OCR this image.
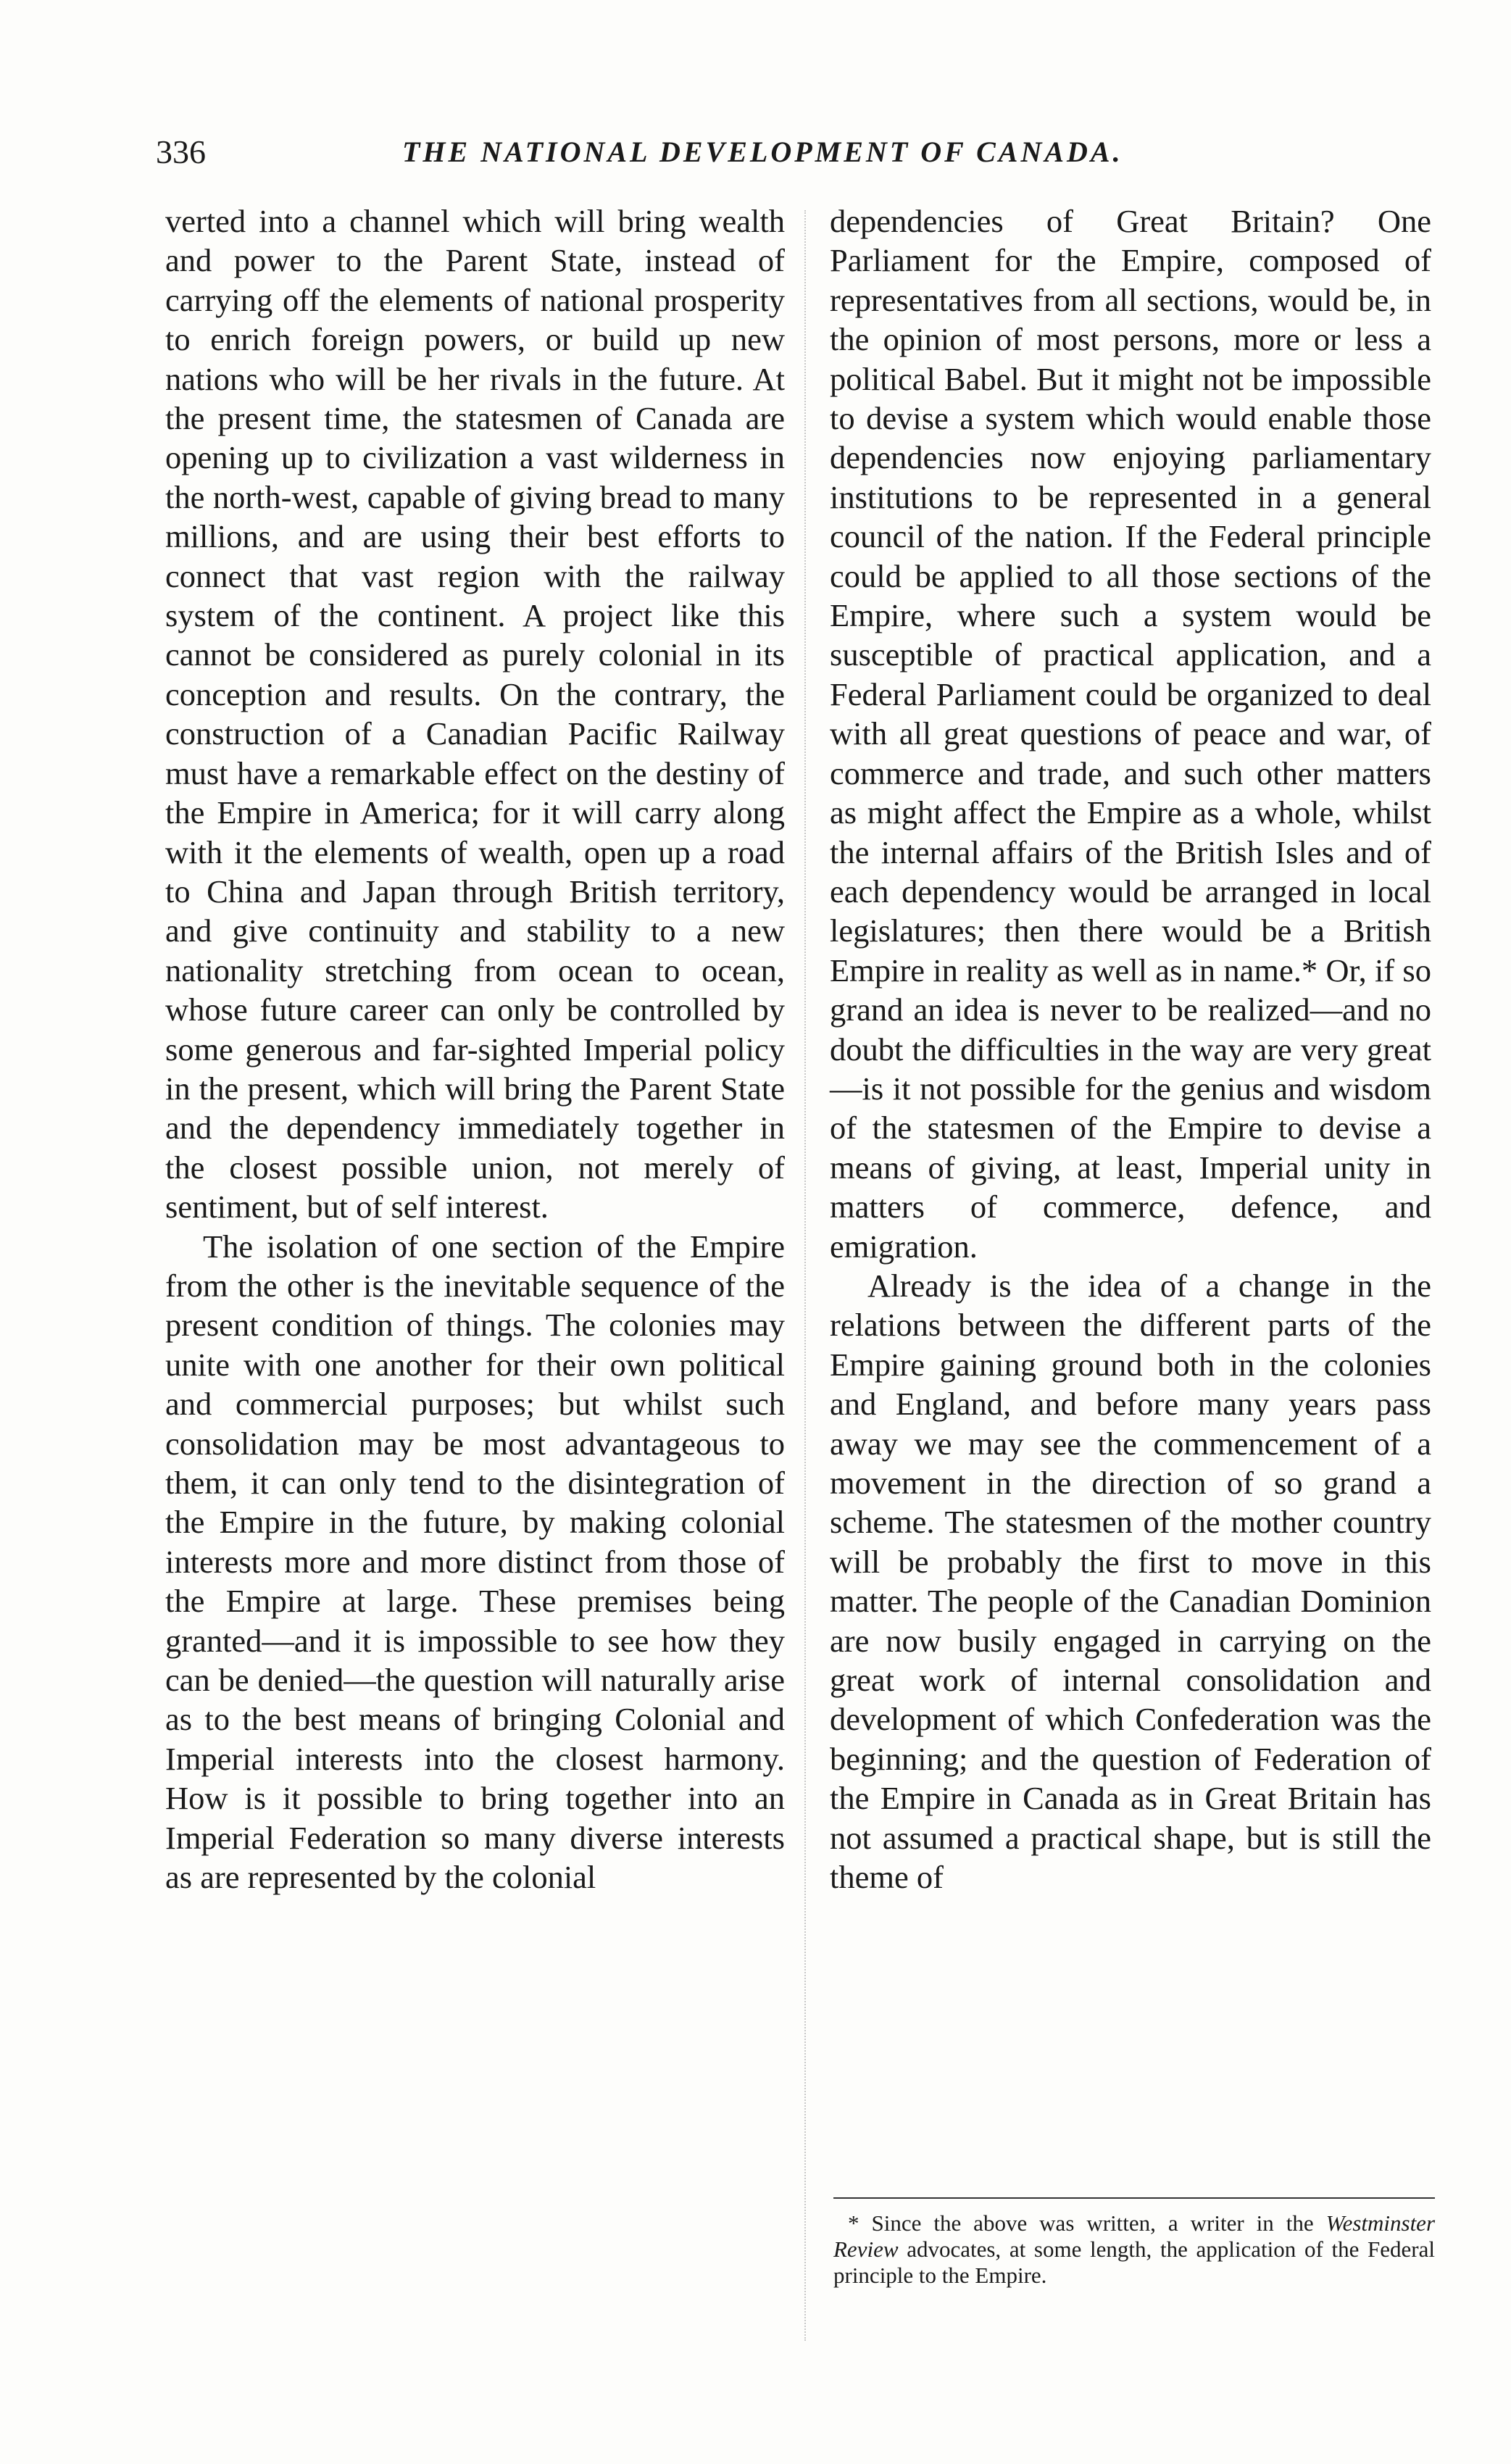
336	THE NATIONAL DEVELOPMENT OF CANADA.

verted into a channel which will bring wealth and power to the Parent State, instead of carrying off the elements of national prosperity to enrich foreign powers, or build up new nations who will be her rivals in the future. At the present time, the statesmen of Canada are opening up to civilization a vast wilderness in the north-west, capable of giving bread to many millions, and are using their best efforts to connect that vast region with the railway system of the continent. A project like this cannot be considered as purely colonial in its conception and results. On the contrary, the construction of a Canadian Pacific Railway must have a remarkable effect on the destiny of the Empire in America; for it will carry along with it the elements of wealth, open up a road to China and Japan through British territory, and give continuity and stability to a new nationality stretching from ocean to ocean, whose future career can only be controlled by some generous and far-sighted Imperial policy in the present, which will bring the Parent State and the dependency immediately together in the closest possible union, not merely of sentiment, but of self interest.

The isolation of one section of the Empire from the other is the inevitable sequence of the present condition of things. The colonies may unite with one another for their own political and commercial purposes; but whilst such consolidation may be most advantageous to them, it can only tend to the disintegration of the Empire in the future, by making colonial interests more and more distinct from those of the Empire at large. These premises being granted—and it is impossible to see how they can be denied—the question will naturally arise as to the best means of bringing Colonial and Imperial interests into the closest harmony. How is it possible to bring together into an Imperial Federation so many diverse interests as are represented by the colonial

dependencies of Great Britain? One Parliament for the Empire, composed of representatives from all sections, would be, in the opinion of most persons, more or less a political Babel. But it might not be impossible to devise a system which would enable those dependencies now enjoying parliamentary institutions to be represented in a general council of the nation. If the Federal principle could be applied to all those sections of the Empire, where such a system would be susceptible of practical application, and a Federal Parliament could be organized to deal with all great questions of peace and war, of commerce and trade, and such other matters as might affect the Empire as a whole, whilst the internal affairs of the British Isles and of each dependency would be arranged in local legislatures; then there would be a British Empire in reality as well as in name.* Or, if so grand an idea is never to be realized—and no doubt the difficulties in the way are very great—is it not possible for the genius and wisdom of the statesmen of the Empire to devise a means of giving, at least, Imperial unity in matters of commerce, defence, and emigration.

Already is the idea of a change in the relations between the different parts of the Empire gaining ground both in the colonies and England, and before many years pass away we may see the commencement of a movement in the direction of so grand a scheme. The statesmen of the mother country will be probably the first to move in this matter. The people of the Canadian Dominion are now busily engaged in carrying on the great work of internal consolidation and development of which Confederation was the beginning; and the question of Federation of the Empire in Canada as in Great Britain has not assumed a practical shape, but is still the theme of

* Since the above was written, a writer in the Westminster Review advocates, at some length, the application of the Federal principle to the Empire.
